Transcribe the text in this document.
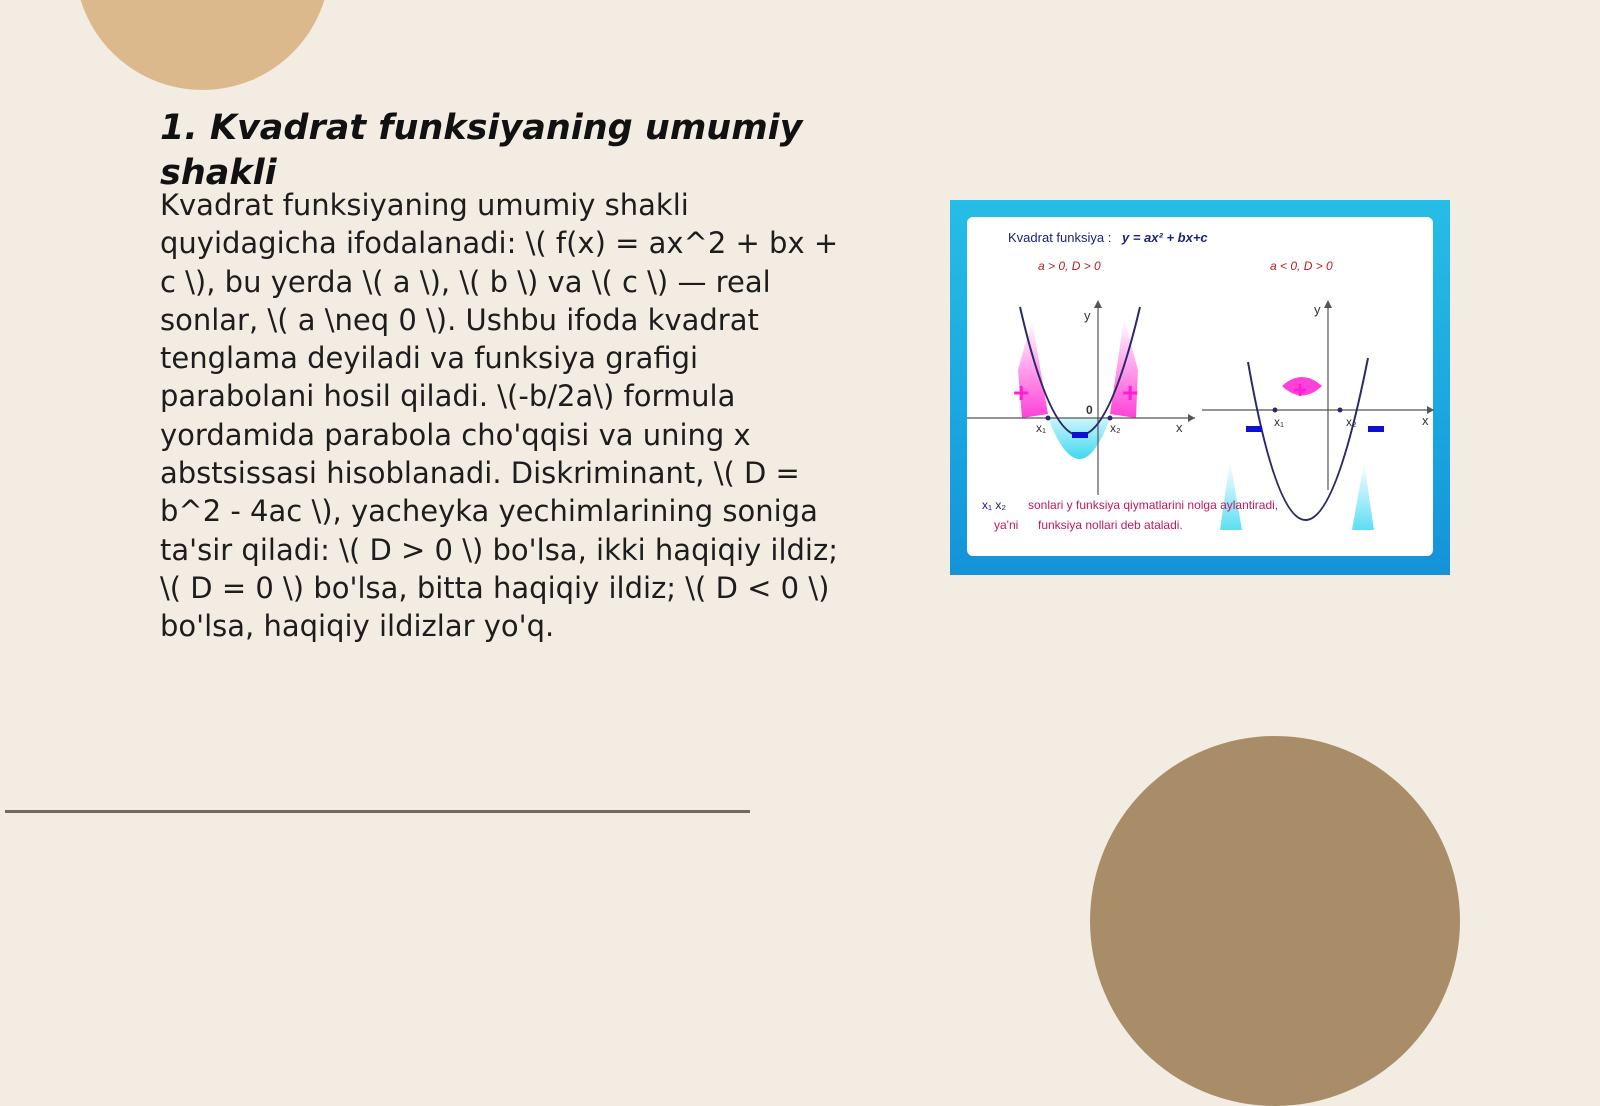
1. Kvadrat funksiyaning umumiy shakli

Kvadrat funksiyaning umumiy shakli quyidagicha ifodalanadi: \( f(x) = ax^2 + bx + c \), bu yerda \( a \), \( b \) va \( c \) — real sonlar, \( a \neq 0 \). Ushbu ifoda kvadrat tenglama deyiladi va funksiya grafigi parabolani hosil qiladi. \(-b/2a\) formula yordamida parabola cho'qqisi va uning x abstsissasi hisoblanadi. Diskriminant, \( D = b^2 - 4ac \), yacheyka yechimlarining soniga ta'sir qiladi: \( D > 0 \) bo'lsa, ikki haqiqiy ildiz; \( D = 0 \) bo'lsa, bitta haqiqiy ildiz; \( D < 0 \) bo'lsa, haqiqiy ildizlar yo'q.

Kvadrat funksiya : y = ax² + bx+c
a > 0, D > 0	a < 0, D > 0
y
x
0
x₁	x₂
+	+
y
x
x₁	x₂
+
x₁ x₂ sonlari y funksiya qiymatlarini nolga aylantiradi,
ya'ni funksiya nollari deb ataladi.
